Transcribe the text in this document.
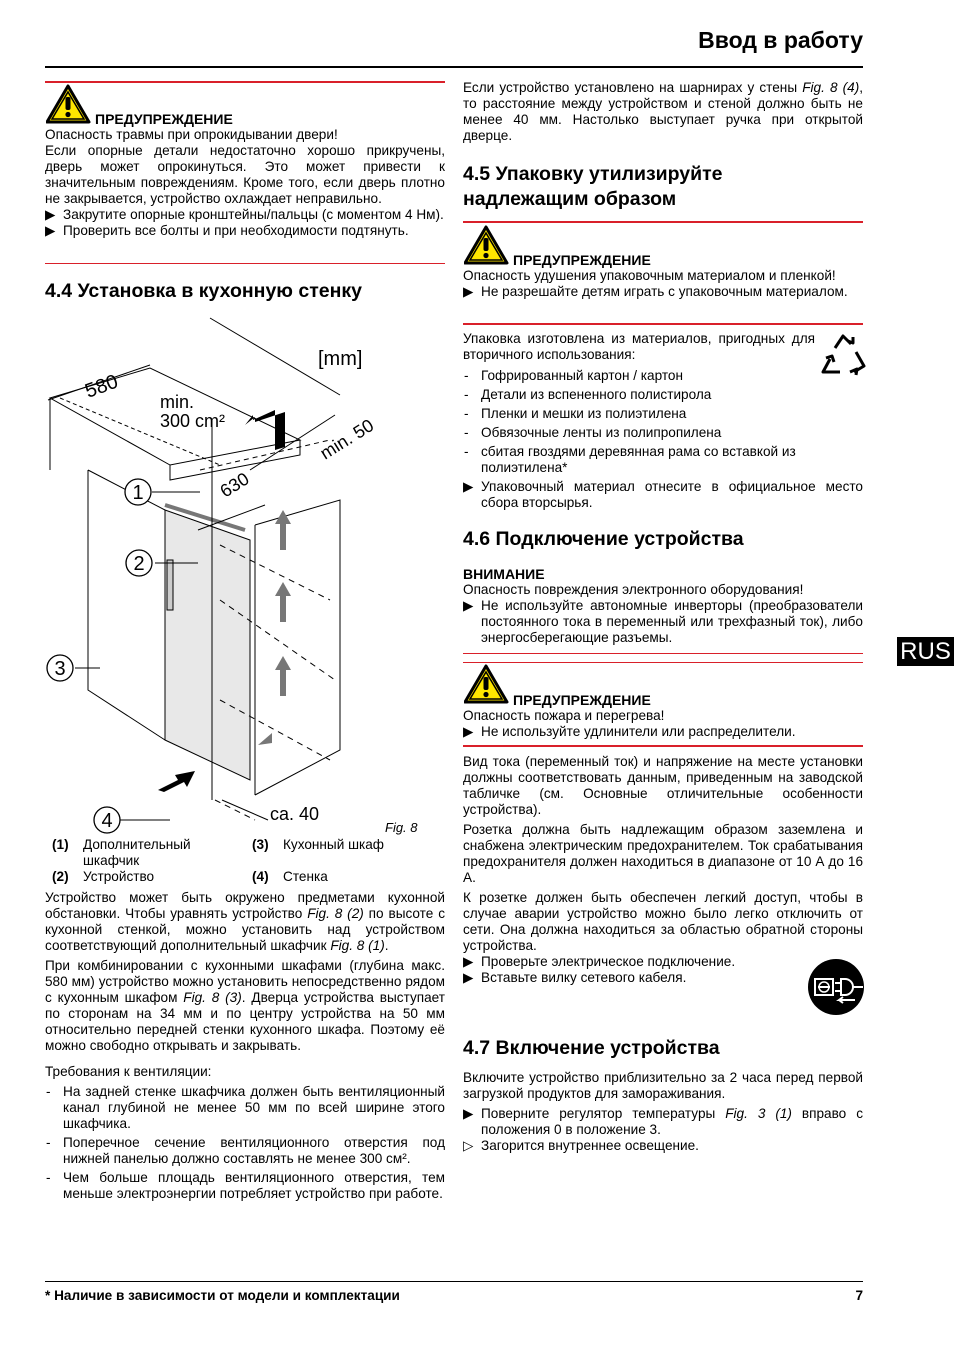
Ввод в работу
ПРЕДУПРЕЖДЕНИЕ
Опасность травмы при опрокидывании двери!
Если опорные детали недостаточно хорошо прикручены, дверь может опрокинуться. Это может привести к значительным повреждениям. Кроме того, если дверь плотно не закрывается, устройство охлаждает неправильно.
▶ Закрутите опорные кронштейны/пальцы (с моментом 4 Нм).
▶ Проверить все болты и при необходимости подтянуть.
4.4 Установка в кухонную стенку
[mm]
580 min.
300 cm²	min. 50
630
ca. 40
1
2
3
4	Fig. 8
(1) Дополнительный шкафчик
(3) Кухонный шкаф
(2) Устройство	(4) Стенка

Устройство может быть окружено предметами кухонной обстановки. Чтобы уравнять устройство Fig. 8 (2) по высоте с кухонной стенкой, можно установить над устройством соответствующий дополнительный шкафчик Fig. 8 (1).

При комбинировании с кухонными шкафами (глубина макс. 580 мм) устройство можно установить непосредственно рядом с кухонным шкафом Fig. 8 (3). Дверца устройства выступает по сторонам на 34 мм и по центру устройства на 50 мм относительно передней стенки кухонного шкафа. Поэтому её можно свободно открывать и закрывать.

Требования к вентиляции:

- На задней стенке шкафчика должен быть вентиляционный канал глубиной не менее 50 мм по всей ширине этого шкафчика.
- Поперечное сечение вентиляционного отверстия под нижней панелью должно составлять не менее 300 см².
- Чем больше площадь вентиляционного отверстия, тем меньше электроэнергии потребляет устройство при работе.
Если устройство установлено на шарнирах у стены Fig. 8 (4), то расстояние между устройством и стеной должно быть не менее 40 мм. Настолько выступает ручка при открытой дверце.
4.5 Упаковку утилизируйте надлежащим образом
ПРЕДУПРЕЖДЕНИЕ
Опасность удушения упаковочным материалом и пленкой!
▶ Не разрешайте детям играть с упаковочным материалом.
Упаковка изготовлена из материалов, пригодных для вторичного использования:
- Гофрированный картон / картон
- Детали из вспененного полистирола
- Пленки и мешки из полиэтилена
- Обвязочные ленты из полипропилена
- сбитая гвоздями деревянная рама со вставкой из полиэтилена*
▶ Упаковочный материал отнесите в официальное место сбора вторсырья.
4.6 Подключение устройства
ВНИМАНИЕ
Опасность повреждения электронного оборудования!
▶ Не используйте автономные инверторы (преобразователи постоянного тока в переменный или трехфазный ток), либо энергосберегающие разъемы.
ПРЕДУПРЕЖДЕНИЕ
Опасность пожара и перегрева!
▶ Не используйте удлинители или распределители.

Вид тока (переменный ток) и напряжение на месте установки должны соответствовать данным, приведенным на заводской табличке (см. Основные отличительные особенности устройства).

Розетка должна быть надлежащим образом заземлена и снабжена электрическим предохранителем. Ток срабатывания предохранителя должен находиться в диапазоне от 10 А до 16 А.

К розетке должен быть обеспечен легкий доступ, чтобы в случае аварии устройство можно было легко отключить от сети. Она должна находиться за областью обратной стороны устройства.

▶ Проверьте электрическое подключение.
▶ Вставьте вилку сетевого кабеля.
4.7 Включение устройства

Включите устройство приблизительно за 2 часа перед первой загрузкой продуктов для замораживания.

▶ Поверните регулятор температуры Fig. 3 (1) вправо с положения 0 в положение 3.
▷ Загорится внутреннее освещение.
RUS
* Наличие в зависимости от модели и комплектации	7
